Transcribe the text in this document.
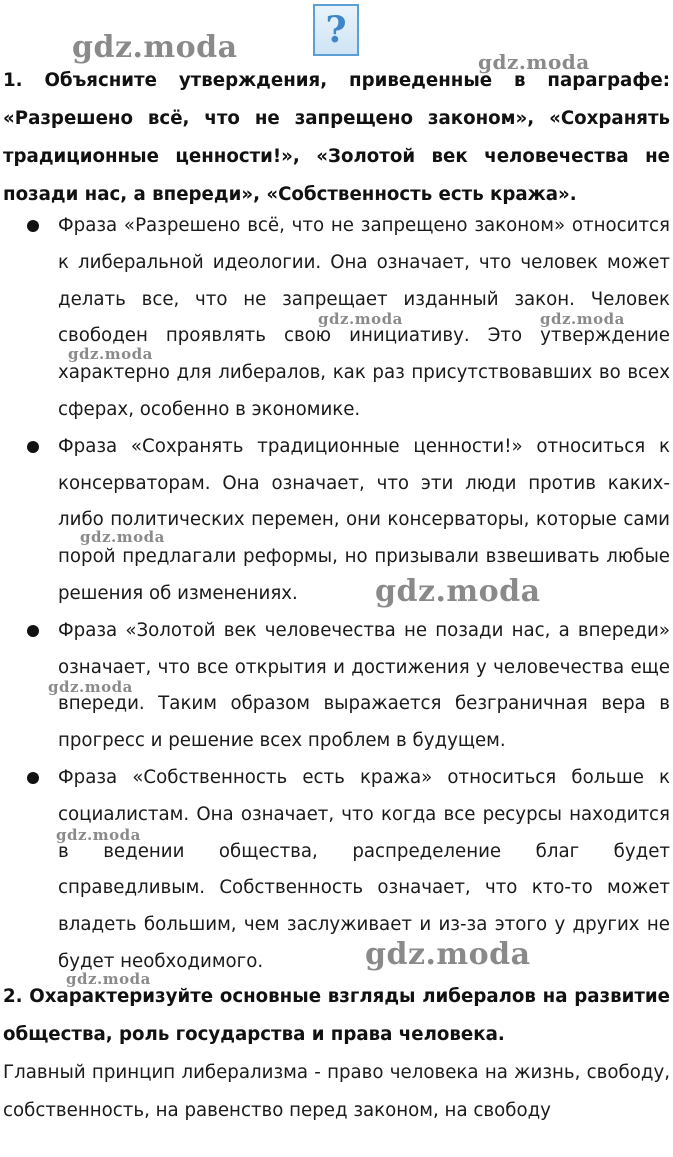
?
gdz.moda	gdz.moda
1. Объясните утверждения, приведенные в параграфе: «Разрешено всё, что не запрещено законом», «Сохранять традиционные ценности!», «Золотой век человечества не позади нас, а впереди», «Собственность есть кража».
Фраза «Разрешено всё, что не запрещено законом» относится к либеральной идеологии. Она означает, что человек может делать все, что не запрещает изданный закон. Человек свободен проявлять свою инициативу. Это утверждение характерно для либералов, как раз присутствовавших во всех сферах, особенно в экономике.
Фраза «Сохранять традиционные ценности!» относиться к консерваторам. Она означает, что эти люди против каких-либо политических перемен, они консерваторы, которые сами порой предлагали реформы, но призывали взвешивать любые решения об изменениях.
Фраза «Золотой век человечества не позади нас, а впереди» означает, что все открытия и достижения у человечества еще впереди. Таким образом выражается безграничная вера в прогресс и решение всех проблем в будущем.
Фраза «Собственность есть кража» относиться больше к социалистам. Она означает, что когда все ресурсы находится в ведении общества, распределение благ будет справедливым. Собственность означает, что кто-то может владеть большим, чем заслуживает и из-за этого у других не будет необходимого.
2. Охарактеризуйте основные взгляды либералов на развитие общества, роль государства и права человека.
Главный принцип либерализма - право человека на жизнь, свободу, собственность, на равенство перед законом, на свободу
gdz.moda	gdz.moda
gdz.moda
gdz.moda
gdz.moda
gdz.moda
gdz.moda
gdz.moda
gdz.moda
